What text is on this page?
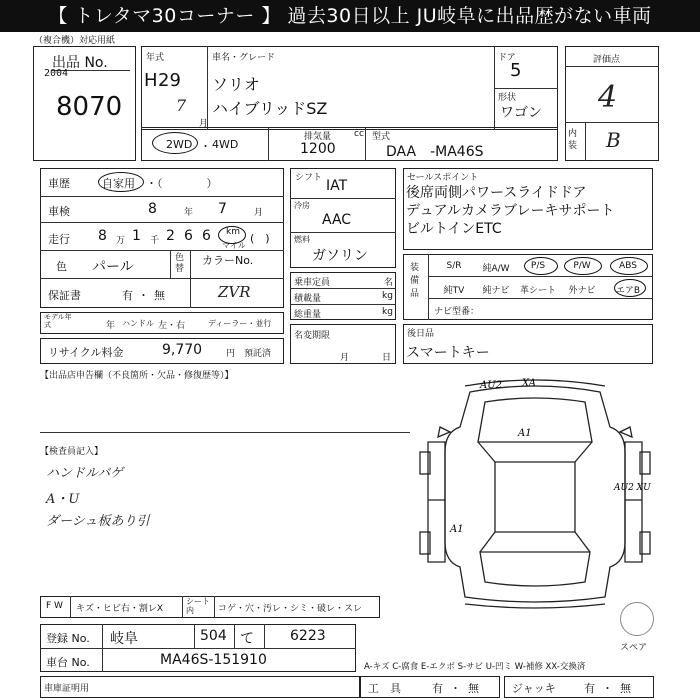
【 トレタマ30コーナー 】 過去30日以上 JU岐阜に出品歴がない車両
（複合機）対応用紙
出品 No.
2004
8070
年式
H 29
7
月
車名・グレード
ソリオ
ハイブリッドSZ
ドア
5
形状
ワゴン
評価点
4
内装 B
2WD ・ 4WD
排気量
1200
cc 型式
DAA　-MA46S
車歴	自家用 ・（　　　　）
車検	8	年 7	月
走行 8 万 1 千 2 6 6 km
マイル
(　)
色 パール
色替
カラーNo.
保証書	有 ・ 無	ZVR
モデル年式	年 ハンドル 左・右	ディーラー・並行
リサイクル料金	9,770	円 預託済
シフト IAT
冷房
AAC
燃料
ガソリン
乗車定員	名
積載量	kg
総重量	kg
名変期限
月	日
セールスポイント
後席両側パワースライドドア
デュアルカメラブレーキサポート
ビルトインETC
装備品
S/R	純A/W	P/S	P/W	ABS
純TV	純ナビ	革シート	外ナビ	エアB
ナビ型番：
後日品
スマートキー
【出品店申告欄（不良箇所・欠品・修復歴等）】
【検査員記入】
ハンドルバゲ
A・U
ダーシュ板あり引
AU2 XA
A1
AU2 XU
A1
スペア
F W キズ・ヒビ右・割レX
シート内	コゲ・穴・汚レ・シミ・破レ・スレ
登録 No. 岐阜	504 て	6223
車台 No.	MA46S-151910	A-キズ C-腐食 E-エクボ S-サビ U-凹ミ W-補修 XX-交換済
車庫証明用	工　具	有 ・ 無	ジャッキ	有 ・ 無
